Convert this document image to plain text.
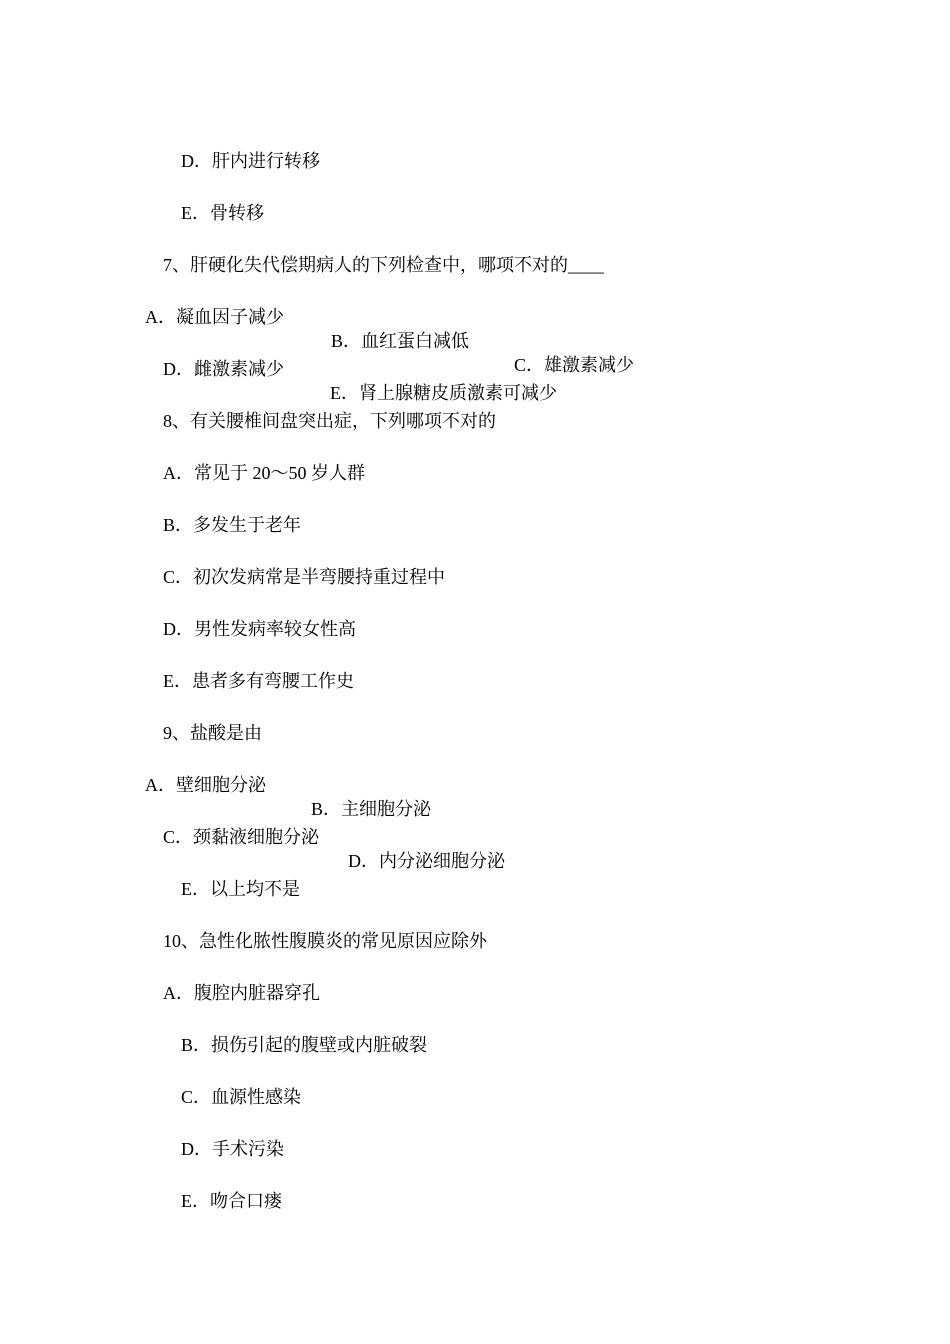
D．肝内进行转移

E．骨转移

7、肝硬化失代偿期病人的下列检查中，哪项不对的____

A．凝血因子减少

B．血红蛋白减低

C．雄激素减少

D．雌激素减少

E．肾上腺糖皮质激素可减少

8、有关腰椎间盘突出症，下列哪项不对的

A．常见于 20～50 岁人群

B．多发生于老年

C．初次发病常是半弯腰持重过程中

D．男性发病率较女性高

E．患者多有弯腰工作史

9、盐酸是由

A．壁细胞分泌

B．主细胞分泌

C．颈黏液细胞分泌

D．内分泌细胞分泌

E．以上均不是

10、急性化脓性腹膜炎的常见原因应除外

A．腹腔内脏器穿孔

B．损伤引起的腹壁或内脏破裂

C．血源性感染

D．手术污染

E．吻合口瘘
